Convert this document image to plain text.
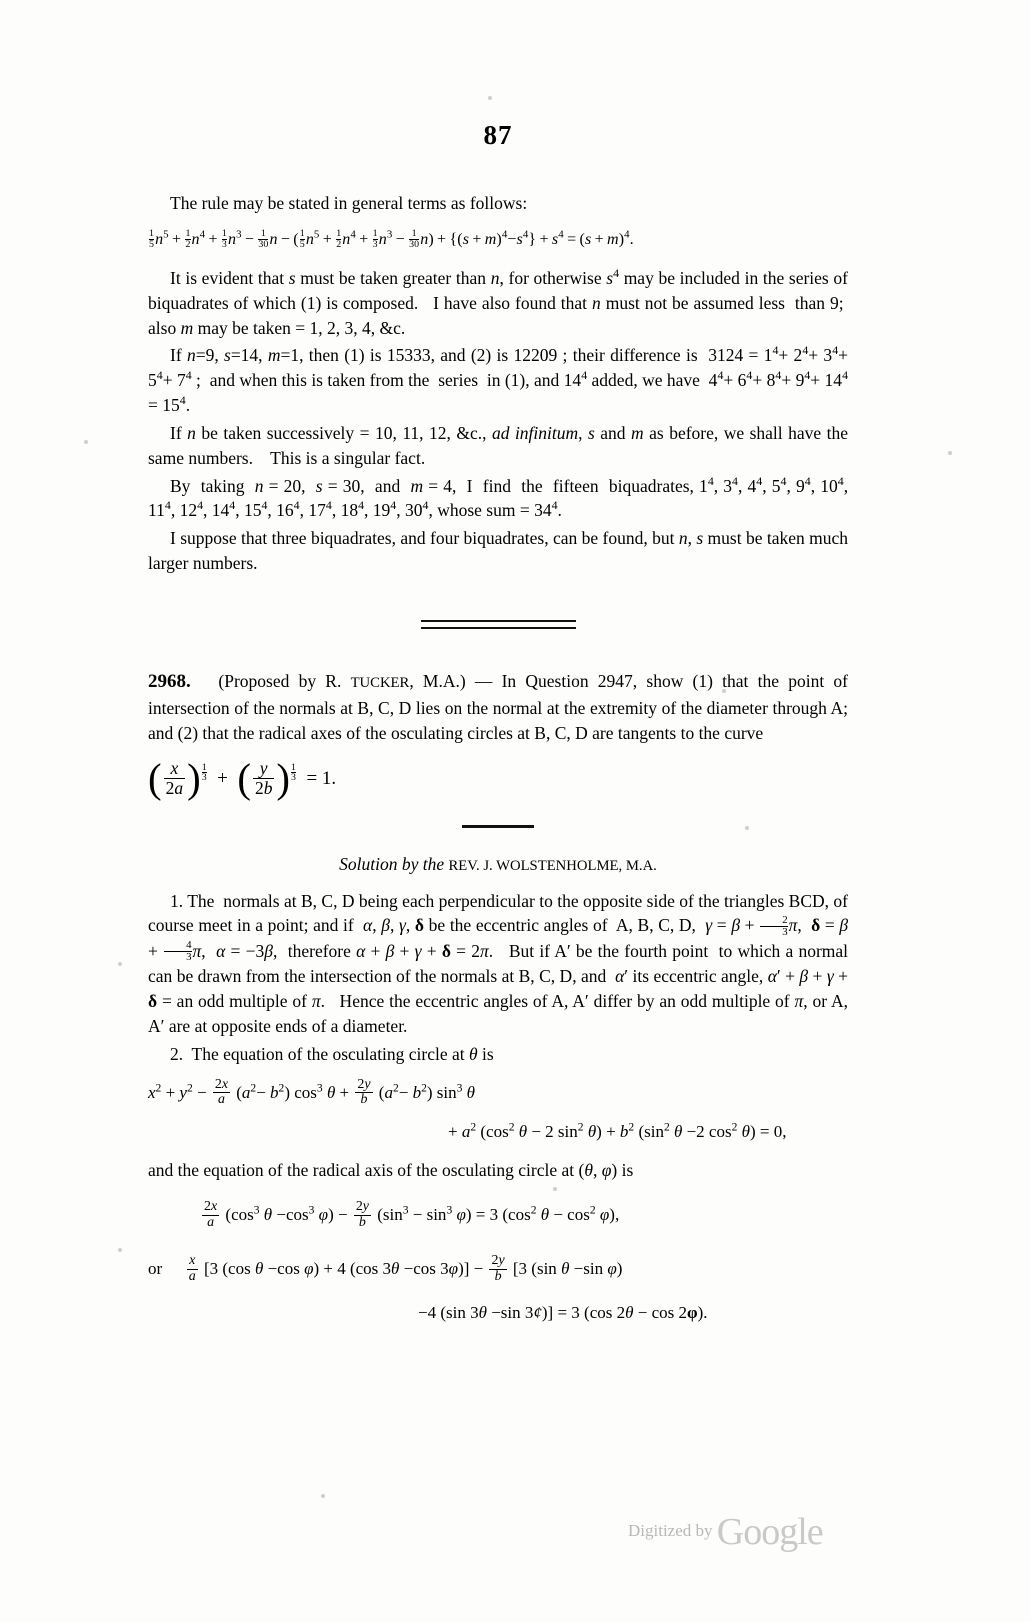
87

The rule may be stated in general terms as follows:

$\frac{1}{5} n^5 + \frac{1}{2} n^4 + \frac{1}{3} n^3 - \frac{1}{30}$ n − ( $\frac{1}{5} n^5 + \frac{1}{2} n^4 + \frac{1}{3} n^3 - \frac{1}{30} n) + \{(s + m)^4-s^4\} + s^4 = (s + m)^4$.

It is evident that s must be taken greater than n, for otherwise $s^4$ may be included in the series of biquadrates of which (1) is composed.   I have also found that n must not be assumed less  than 9;  also m may be taken = 1, 2, 3, 4, &c.

If n=9, s=14, m=1, then (1) is 15333, and (2) is 12209 ; their difference is  $3124 = 1^4+ 2^4+ 3^4+ 5^4+ 7^4$ ;  and when this is taken from the  series  in (1), and $14^4$ added, we have  $4^4+ 6^4+ 8^4+ 9^4+ 14^4 = 15^4$.

If n be taken successively = 10, 11, 12, &c., ad infinitum, s and m as before, we shall have the same numbers.    This is a singular fact.

By  taking  n = 20,  s = 30,  and  m = 4,  I  find  the  fifteen  biquadrates, $1^4$, $3^4$, $4^4$, $5^4$, $9^4$, $10^4$, $11^4$, $12^4$, $14^4$, $15^4$, $16^4$, $17^4$, $18^4$, $19^4$, $30^4$, whose sum = $34^4$.

I suppose that three biquadrates, and four biquadrates, can be found, but n, s must be taken much larger numbers.

2968.   (Proposed by R. TUCKER, M.A.) — In Question 2947, show (1) that the point of intersection of the normals at B, C, D lies on the normal at the extremity of the diameter through A; and (2) that the radical axes of the osculating circles at B, C, D are tangents to the curve

( $\frac{x}{2a}$ ) $^{\frac{1}{3}}$ +  ( $\frac{y}{2b}$ ) $^{\frac{1}{3}}$ = 1.
Solution by the REV. J. WOLSTENHOLME, M.A.

1. The  normals at B, C, D being each perpendicular to the opposite side of the triangles BCD, of course meet in a point; and if  α, β, γ, δ be the eccentric angles of  A, B, C, D,  $\gamma = \beta + \frac{2}{3} \pi$,  $\delta = \beta + \frac{4}{3} \pi$,  α = −3β,  therefore α + β + γ + δ = 2π.   But if A′ be the fourth point  to which a normal can be drawn from the intersection of the normals at B, C, D, and  α′ its eccentric angle, α′ + β + γ + δ = an odd multiple of π.   Hence the eccentric angles of A, A′ differ by an odd multiple of π, or A, A′ are at opposite ends of a diameter.

2.  The equation of the osculating circle at θ is

$x^2 + y^2 - \frac{2x}{a} (a^2- b^2)$ $\cos^3 \theta + \frac{2y}{b} (a^2- b^2)$ $\sin^3 \theta$
+ $a^2$ ($\cos^2$ θ − 2 $\sin^2 \theta) + b^2$ ($\sin^2$ θ −2 $\cos^2 \theta) = 0$,

and the equation of the radical axis of the osculating circle at (θ, φ) is

$\frac{2x}{a} (\cos^3$ $\theta -\cos^3$ $\varphi) - \frac{2y}{b} (\sin^3 - \sin^3 \varphi) = 3$ ($\cos^2$ $\theta - \cos^2 \varphi$),
or $\frac{x}{a} [3$ (cos θ −cos φ) + 4 (cos 3θ −cos $3\varphi)] - \frac{2y}{b} [3$ (sin θ −sin φ)
−4 (sin 3θ −sin 3¢)] = 3 (cos 2θ − cos 2φ).
Digitized by Google
